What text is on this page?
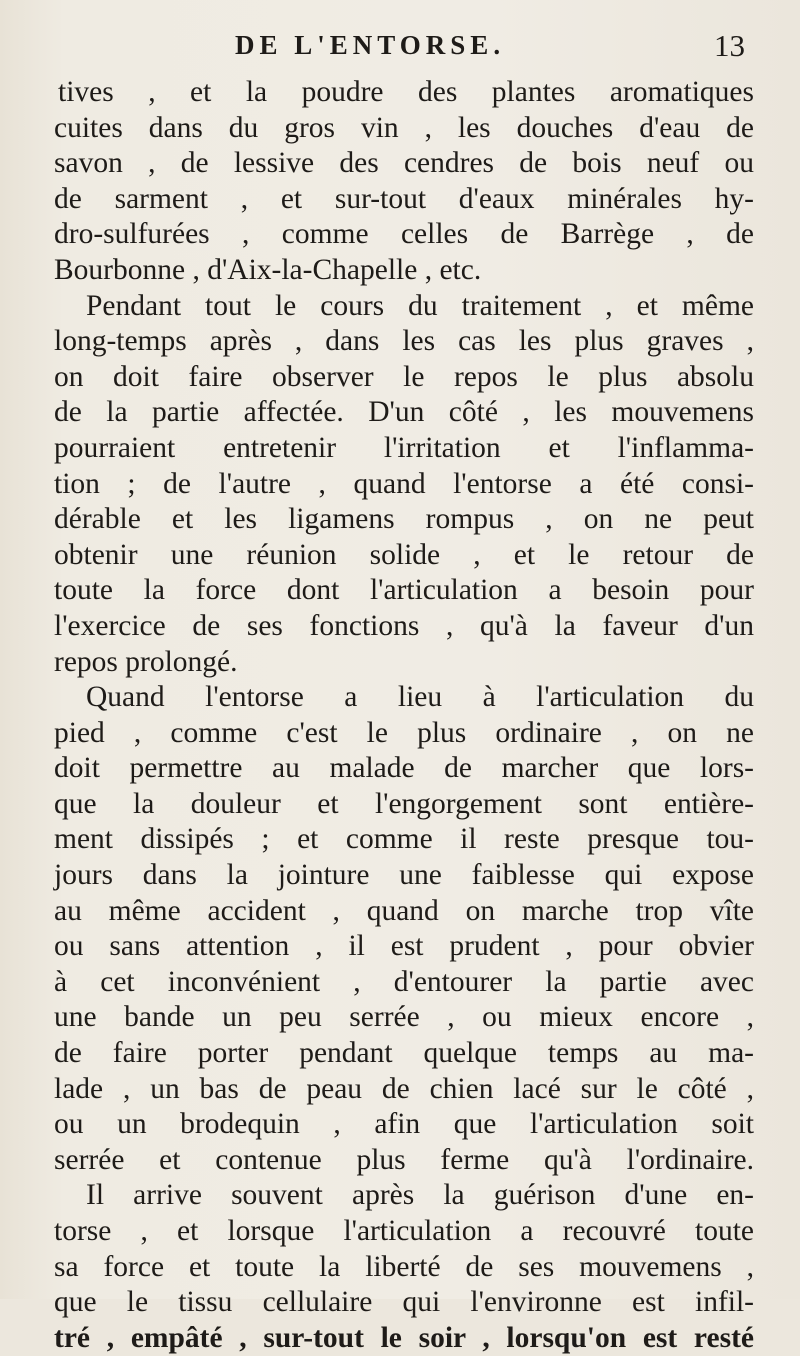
DE L'ENTORSE.	13
tives , et la poudre des plantes aromatiques
cuites dans du gros vin , les douches d'eau de
savon , de lessive des cendres de bois neuf ou
de sarment , et sur-tout d'eaux minérales hy-
dro-sulfurées , comme celles de Barrège , de
Bourbonne , d'Aix-la-Chapelle , etc.
Pendant tout le cours du traitement , et même
long-temps après , dans les cas les plus graves ,
on doit faire observer le repos le plus absolu
de la partie affectée. D'un côté , les mouvemens
pourraient entretenir l'irritation et l'inflamma-
tion ; de l'autre , quand l'entorse a été consi-
dérable et les ligamens rompus , on ne peut
obtenir une réunion solide , et le retour de
toute la force dont l'articulation a besoin pour
l'exercice de ses fonctions , qu'à la faveur d'un
repos prolongé.
Quand l'entorse a lieu à l'articulation du
pied , comme c'est le plus ordinaire , on ne
doit permettre au malade de marcher que lors-
que la douleur et l'engorgement sont entière-
ment dissipés ; et comme il reste presque tou-
jours dans la jointure une faiblesse qui expose
au même accident , quand on marche trop vîte
ou sans attention , il est prudent , pour obvier
à cet inconvénient , d'entourer la partie avec
une bande un peu serrée , ou mieux encore ,
de faire porter pendant quelque temps au ma-
lade , un bas de peau de chien lacé sur le côté ,
ou un brodequin , afin que l'articulation soit
serrée et contenue plus ferme qu'à l'ordinaire.
Il arrive souvent après la guérison d'une en-
torse , et lorsque l'articulation a recouvré toute
sa force et toute la liberté de ses mouvemens ,
que le tissu cellulaire qui l'environne est infil-
tré , empâté , sur-tout le soir , lorsqu'on est resté
